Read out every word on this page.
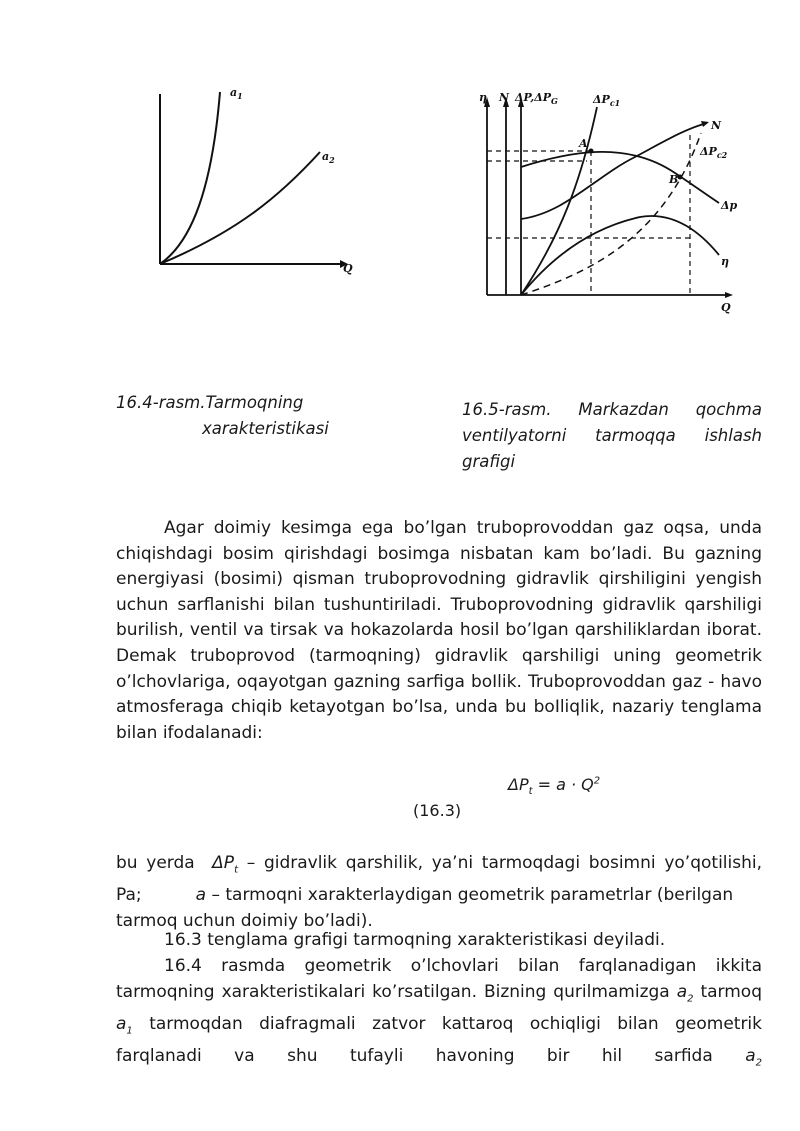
$a_1$
$a_2$
Q
η N $\Delta P,\Delta P_G$	$\Delta P_{c1}$
N
$\Delta P_{c2}$
A
B
Δp
η
Q
16.4-rasm.Tarmoqning
xarakteristikasi
16.5-rasm. Markazdan qochma ventilyatorni tarmoqqa ishlash grafigi
Agar doimiy kesimga ega bo’lgan truboprovoddan gaz oqsa, unda chiqishdagi bosim qirishdagi bosimga nisbatan kam bo’ladi. Bu gazning energiyasi (bosimi) qisman truboprovodning gidravlik qirshiligini yengish uchun sarflanishi bilan tushuntiriladi. Truboprovodning gidravlik qarshiligi burilish, ventil va tirsak va hokazolarda hosil bo’lgan qarshiliklardan iborat. Demak truboprovod (tarmoqning) gidravlik qarshiligi uning geometrik o’lchovlariga, oqayotgan gazning sarfiga boIlik. Truboprovoddan gaz - havo atmosferaga chiqib ketayotgan bo’lsa, unda bu boIliqlik, nazariy tenglama bilan ifodalanadi:
$\Delta P_t = a \cdot Q^2$
(16.3)
bu yerda  $\Delta P_t$ – gidravlik qarshilik, ya’ni tarmoqdagi bosimni yo’qotilishi,
Pa;	a – tarmoqni xarakterlaydigan geometrik parametrlar (berilgan
tarmoq uchun doimiy bo’ladi).
16.3 tenglama grafigi tarmoqning xarakteristikasi deyiladi.
16.4 rasmda geometrik o’lchovlari bilan farqlanadigan ikkita tarmoqning xarakteristikalari ko’rsatilgan. Bizning qurilmamizga $a_2$ tarmoq $a_1$ tarmoqdan diafragmali zatvor kattaroq ochiqligi bilan geometrik farqlanadi va shu tufayli havoning bir hil sarfida $a_2$
